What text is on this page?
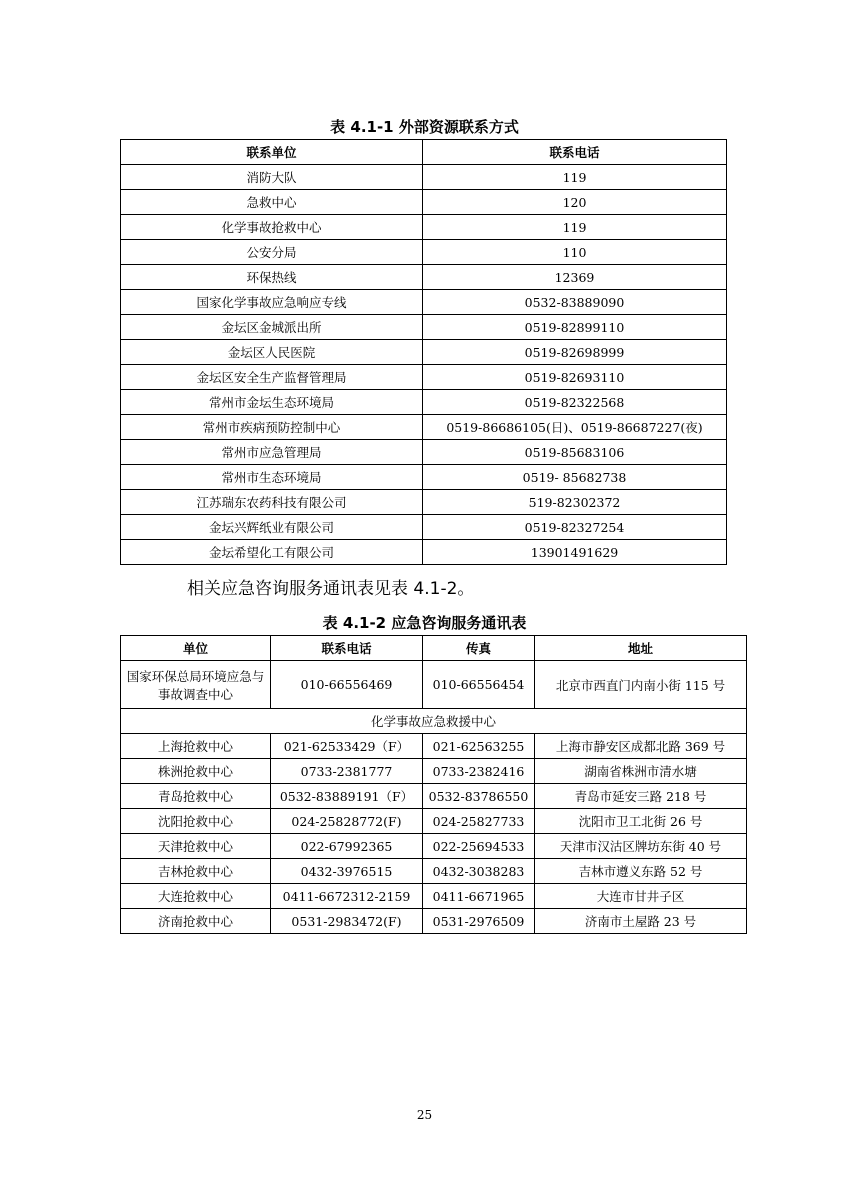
表 4.1-1 外部资源联系方式
联系单位	联系电话
消防大队	119
急救中心	120
化学事故抢救中心	119
公安分局	110
环保热线	12369
国家化学事故应急响应专线	0532-83889090
金坛区金城派出所	0519-82899110
金坛区人民医院	0519-82698999
金坛区安全生产监督管理局	0519-82693110
常州市金坛生态环境局	0519-82322568
常州市疾病预防控制中心	0519-86686105(日)、0519-86687227(夜)
常州市应急管理局	0519-85683106
常州市生态环境局	0519- 85682738
江苏瑞东农药科技有限公司	519-82302372
金坛兴辉纸业有限公司	0519-82327254
金坛希望化工有限公司	13901491629
相关应急咨询服务通讯表见表 4.1-2。
表 4.1-2 应急咨询服务通讯表
单位	联系电话	传真	地址
国家环保总局环境应急与事故调查中心	010-66556469	010-66556454	北京市西直门内南小街 115 号
化学事故应急救援中心			
上海抢救中心	021-62533429（F）	021-62563255	上海市静安区成都北路 369 号
株洲抢救中心	0733-2381777	0733-2382416	湖南省株洲市清水塘
青岛抢救中心	0532-83889191（F）	0532-83786550	青岛市延安三路 218 号
沈阳抢救中心	024-25828772(F)	024-25827733	沈阳市卫工北街 26 号
天津抢救中心	022-67992365	022-25694533	天津市汉沽区牌坊东街 40 号
吉林抢救中心	0432-3976515	0432-3038283	吉林市遵义东路 52 号
大连抢救中心	0411-6672312-2159	0411-6671965	大连市甘井子区
济南抢救中心	0531-2983472(F)	0531-2976509	济南市土屋路 23 号
25
